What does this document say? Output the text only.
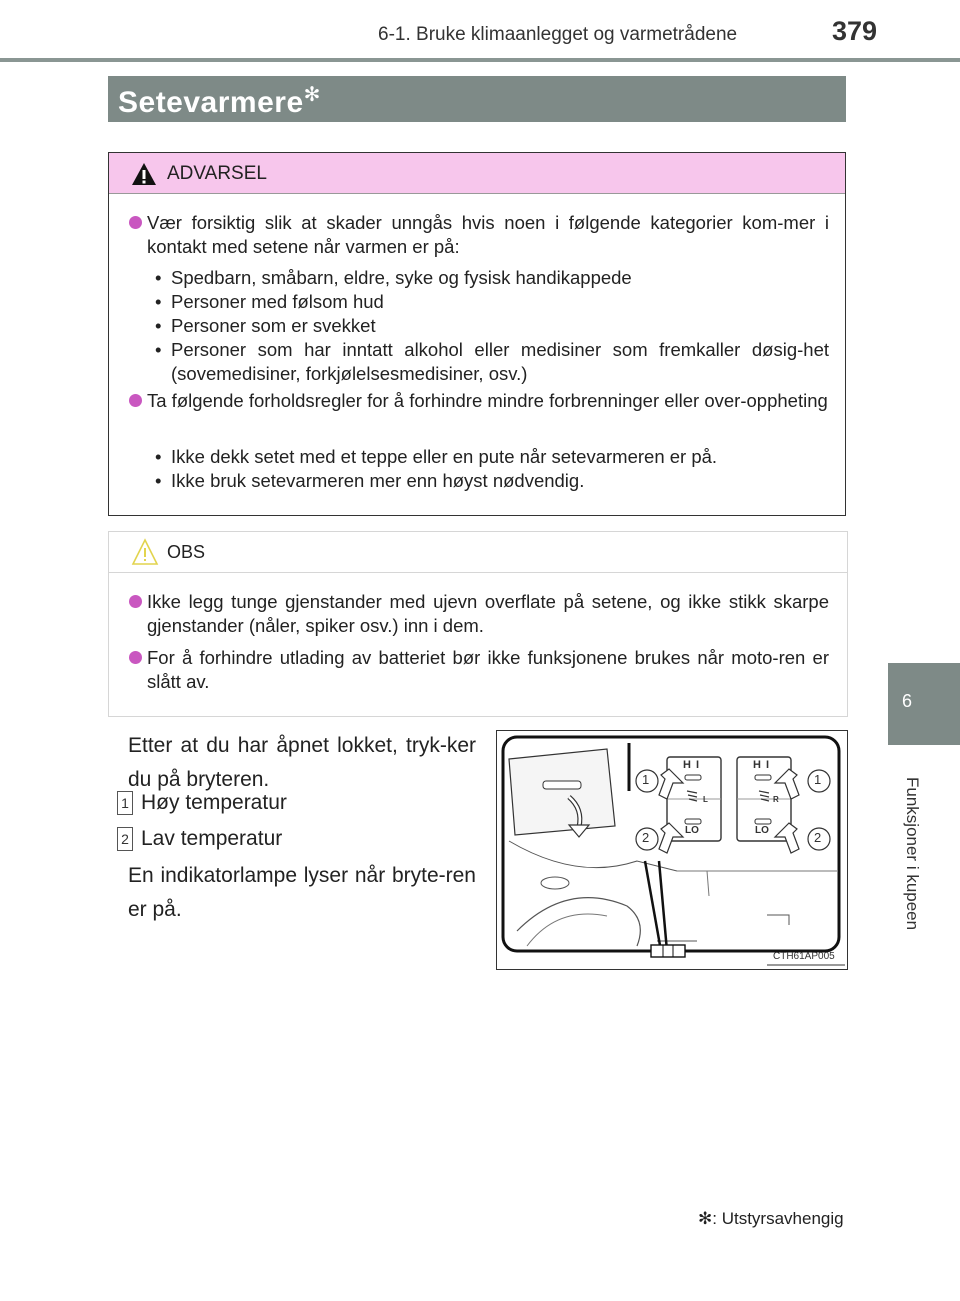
6-1. Bruke klimaanlegget og varmetrådene	379
6
Funksjoner i kupeen
Setevarmere✻
ADVARSEL
Vær forsiktig slik at skader unngås hvis noen i følgende kategorier kom-mer i kontakt med setene når varmen er på:
• Spedbarn, småbarn, eldre, syke og fysisk handikappede
• Personer med følsom hud
• Personer som er svekket
• Personer som har inntatt alkohol eller medisiner som fremkaller døsig-het (sovemedisiner, forkjølelsesmedisiner, osv.)
Ta følgende forholdsregler for å forhindre mindre forbrenninger eller over-oppheting
• Ikke dekk setet med et teppe eller en pute når setevarmeren er på.
• Ikke bruk setevarmeren mer enn høyst nødvendig.
OBS
Ikke legg tunge gjenstander med ujevn overflate på setene, og ikke stikk skarpe gjenstander (nåler, spiker osv.) inn i dem.
For å forhindre utlading av batteriet bør ikke funksjonene brukes når moto-ren er slått av.
Etter at du har åpnet lokket, tryk-ker du på bryteren.
1 Høy temperatur
2 Lav temperatur
En indikatorlampe lyser når bryte-ren er på.
H I	H I
LO	LO
L	R
1
2
1
2
CTH61AP005
✻: Utstyrsavhengig
